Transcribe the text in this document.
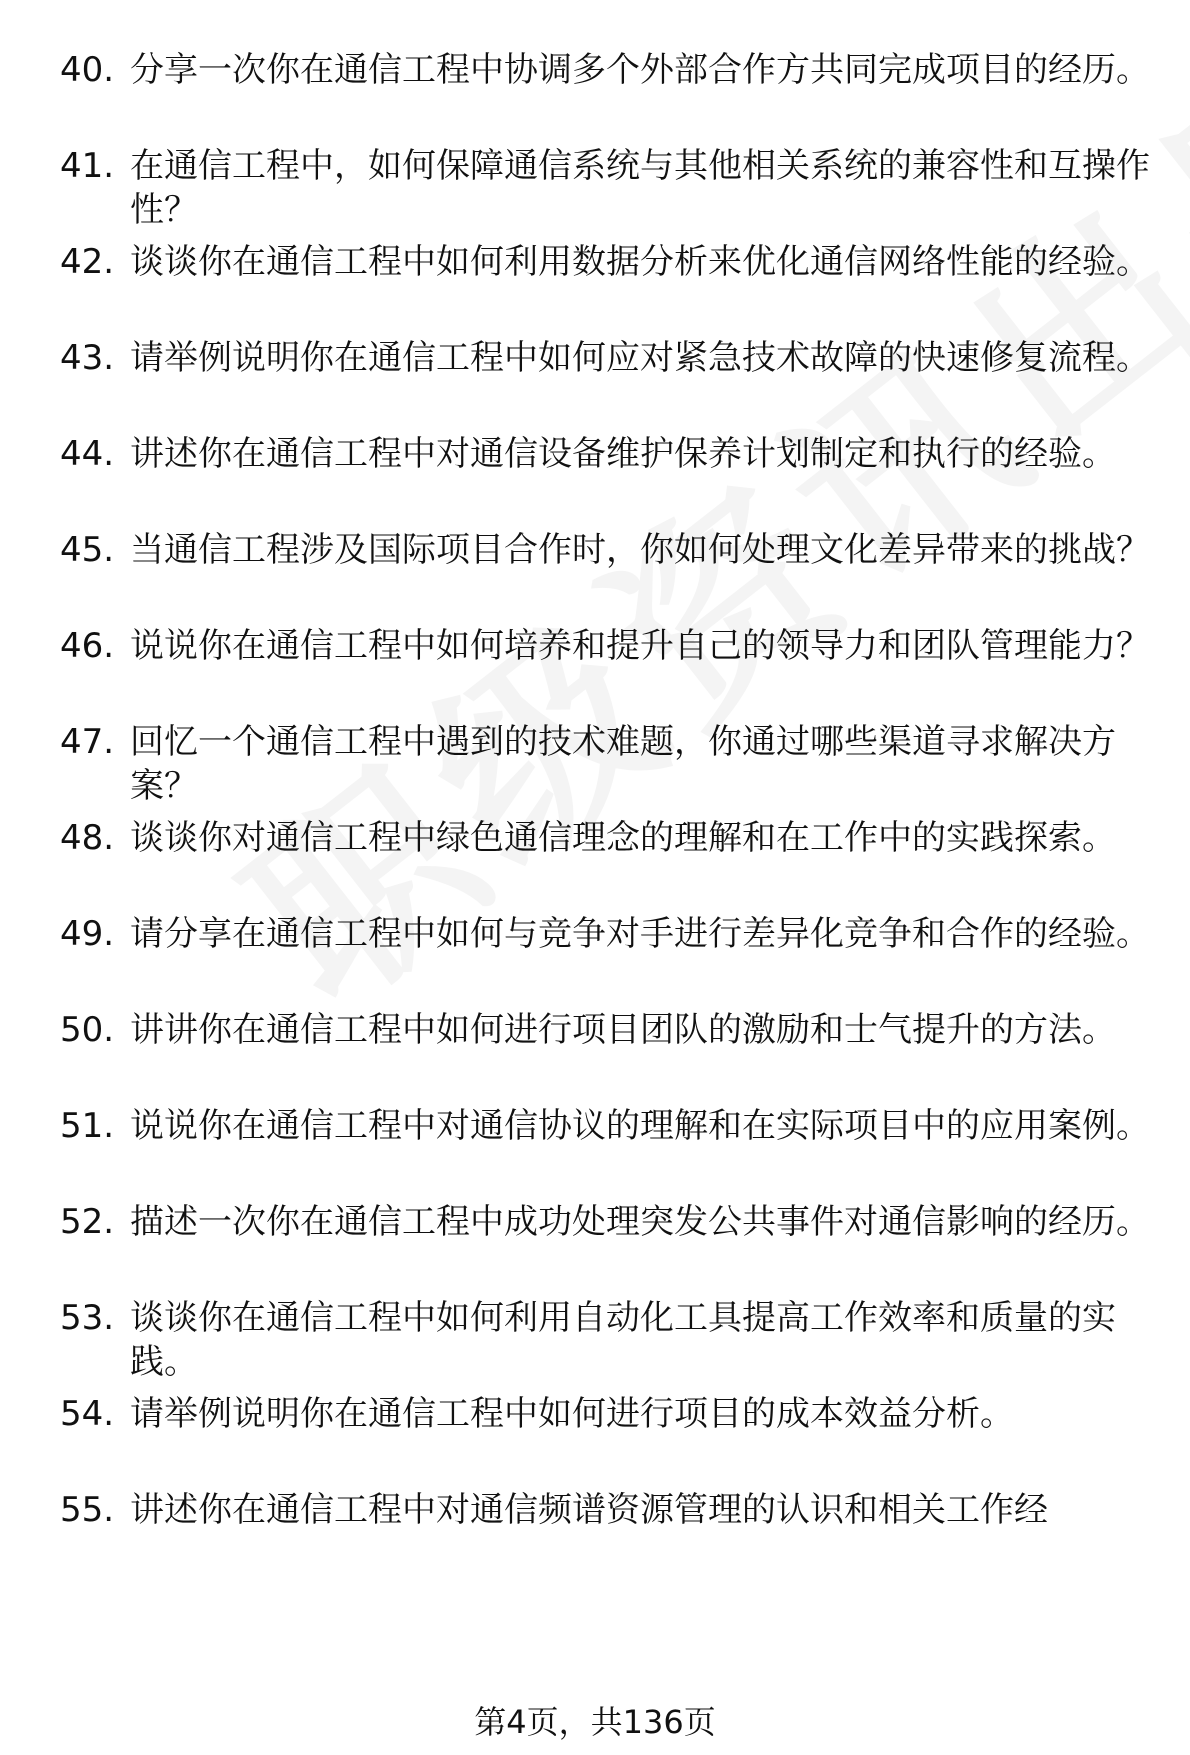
40. 分享一次你在通信工程中协调多个外部合作方共同完成项目的经历。
41. 在通信工程中，如何保障通信系统与其他相关系统的兼容性和互操作性？
42. 谈谈你在通信工程中如何利用数据分析来优化通信网络性能的经验。
43. 请举例说明你在通信工程中如何应对紧急技术故障的快速修复流程。
44. 讲述你在通信工程中对通信设备维护保养计划制定和执行的经验。
45. 当通信工程涉及国际项目合作时，你如何处理文化差异带来的挑战？
46. 说说你在通信工程中如何培养和提升自己的领导力和团队管理能力？
47. 回忆一个通信工程中遇到的技术难题，你通过哪些渠道寻求解决方案？
48. 谈谈你对通信工程中绿色通信理念的理解和在工作中的实践探索。
49. 请分享在通信工程中如何与竞争对手进行差异化竞争和合作的经验。
50. 讲讲你在通信工程中如何进行项目团队的激励和士气提升的方法。
51. 说说你在通信工程中对通信协议的理解和在实际项目中的应用案例。
52. 描述一次你在通信工程中成功处理突发公共事件对通信影响的经历。
53. 谈谈你在通信工程中如何利用自动化工具提高工作效率和质量的实践。
54. 请举例说明你在通信工程中如何进行项目的成本效益分析。
55. 讲述你在通信工程中对通信频谱资源管理的认识和相关工作经
第4页，共136页
